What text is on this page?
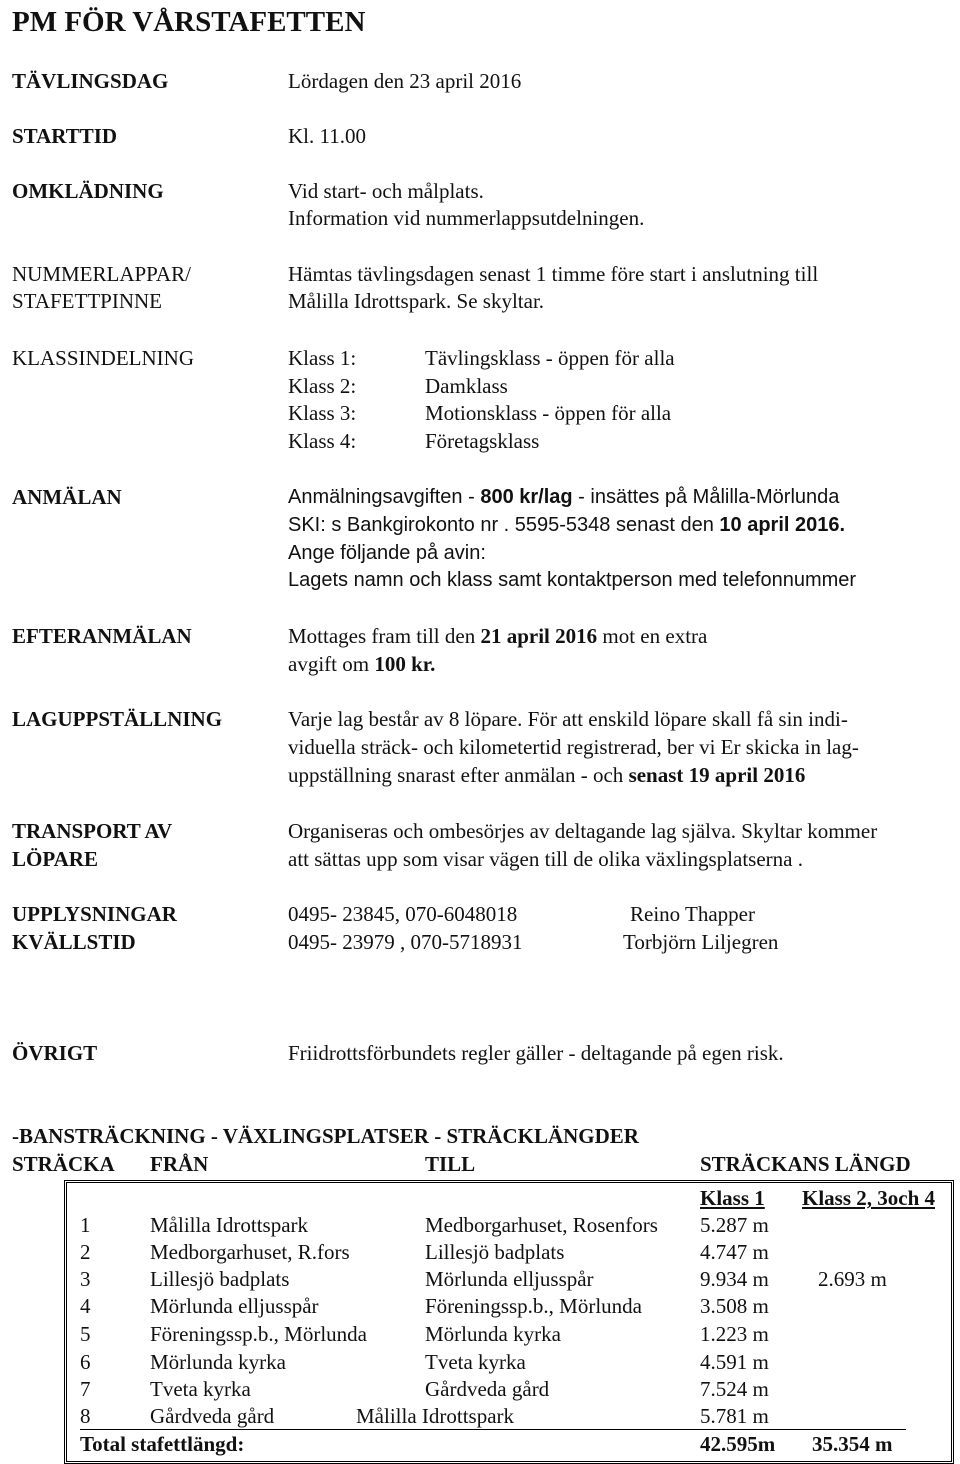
PM FÖR VÅRSTAFETTEN
TÄVLINGSDAG	Lördagen den 23 april 2016
STARTTID	Kl. 11.00
OMKLÄDNING	Vid start- och målplats.
Information vid nummerlappsutdelningen.
NUMMERLAPPAR/
STAFETTPINNE
Hämtas tävlingsdagen senast 1 timme före start i anslutning till
Målilla Idrottspark. Se skyltar.
KLASSINDELNING	Klass 1:	Tävlingsklass - öppen för alla
Klass 2:	Damklass
Klass 3:	Motionsklass - öppen för alla
Klass 4:	Företagsklass
ANMÄLAN	Anmälningsavgiften - 800 kr/lag - insättes på Målilla-Mörlunda
SKI: s Bankgirokonto nr . 5595-5348 senast den 10 april 2016.
Ange följande på avin:
Lagets namn och klass samt kontaktperson med telefonnummer
EFTERANMÄLAN	Mottages fram till den 21 april 2016 mot en extra
avgift om 100 kr.
LAGUPPSTÄLLNING	Varje lag består av 8 löpare. För att enskild löpare skall få sin indi-
viduella sträck- och kilometertid registrerad, ber vi Er skicka in lag-
uppställning snarast efter anmälan - och senast 19 april 2016
TRANSPORT AV
LÖPARE
Organiseras och ombesörjes av deltagande lag själva. Skyltar kommer
att sättas upp som visar vägen till de olika växlingsplatserna .
UPPLYSNINGAR	0495- 23845, 070-6048018	Reino Thapper
KVÄLLSTID	0495- 23979 , 070-5718931	Torbjörn Liljegren
ÖVRIGT	Friidrottsförbundets regler gäller - deltagande på egen risk.
-BANSTRÄCKNING - VÄXLINGSPLATSER - STRÄCKLÄNGDER
STRÄCKA FRÅN	TILL	STRÄCKANS LÄNGD
Klass 1 Klass 2, 3och 4
1	Målilla Idrottspark	Medborgarhuset, Rosenfors 5.287 m
2	Medborgarhuset, R.fors	Lillesjö badplats	4.747 m
3	Lillesjö badplats	Mörlunda elljusspår	9.934 m 2.693 m
4	Mörlunda elljusspår	Föreningssp.b., Mörlunda	3.508 m
5	Föreningssp.b., Mörlunda	Mörlunda kyrka	1.223 m
6	Mörlunda kyrka	Tveta kyrka	4.591 m
7	Tveta kyrka	Gårdveda gård	7.524 m
8	Gårdveda gård	Målilla Idrottspark	5.781 m
Total stafettlängd:	42.595m 35.354 m
